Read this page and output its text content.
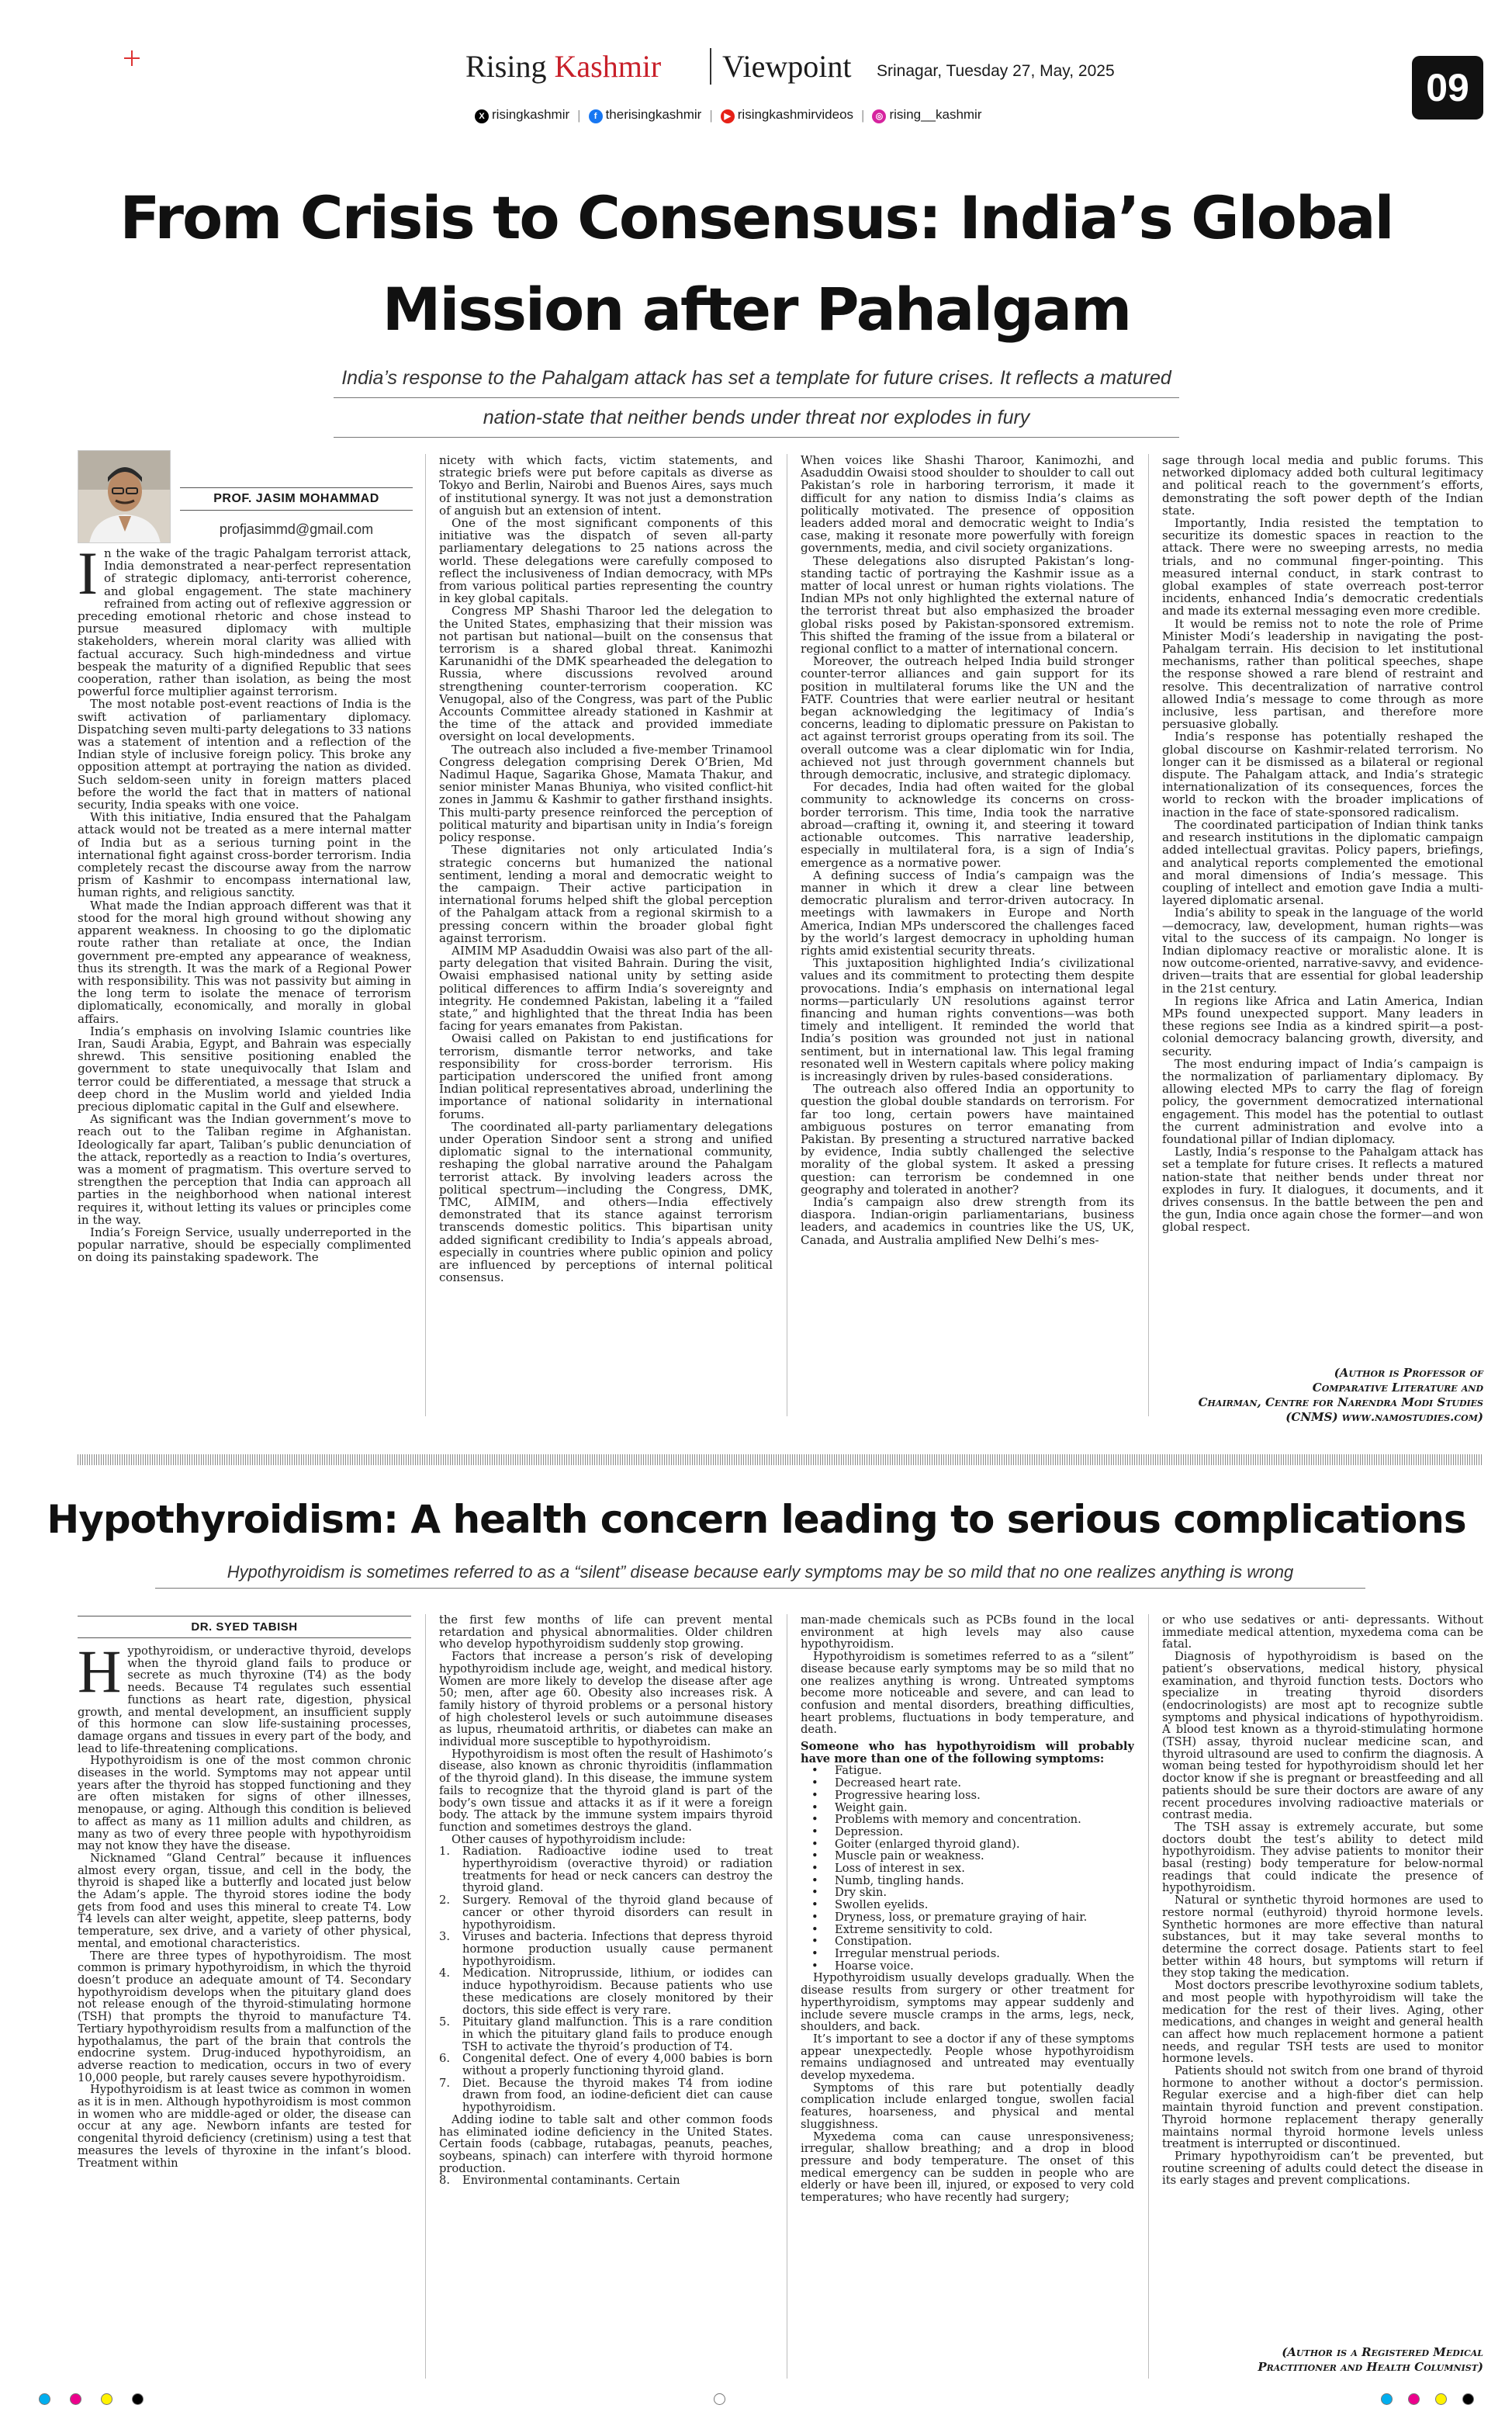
Rising Kashmir	Viewpoint Srinagar, Tuesday 27, May, 2025
X risingkashmir |	f therisingkashmir |	▶ risingkashmirvideos |	◎ rising__kashmir
09
From Crisis to Consensus: India’s Global
Mission after Pahalgam
India’s response to the Pahalgam attack has set a template for future crises. It reflects a matured
nation-state that neither bends under threat nor explodes in fury
PROF. JASIM MOHAMMAD
profjasimmd@gmail.com

In the wake of the tragic Pahalgam terrorist attack, India demonstrated a near-perfect representation of strategic diplomacy, anti-terrorist coherence, and global engagement. The state machinery refrained from acting out of reflexive aggression or preceding emotional rhetoric and chose instead to pursue measured diplomacy with multiple stakeholders, wherein moral clarity was allied with factual accuracy. Such high-mindedness and virtue bespeak the maturity of a dignified Republic that sees cooperation, rather than isolation, as being the most powerful force multiplier against terrorism.

The most notable post-event reactions of India is the swift activation of parliamentary diplomacy. Dispatching seven multi-party delegations to 33 nations was a statement of intention and a reflection of the Indian style of inclusive foreign policy. This broke any opposition attempt at portraying the nation as divided. Such seldom-seen unity in foreign matters placed before the world the fact that in matters of national security, India speaks with one voice.

With this initiative, India ensured that the Pahalgam attack would not be treated as a mere internal matter of India but as a serious turning point in the international fight against cross-border terrorism. India completely recast the discourse away from the narrow prism of Kashmir to encompass international law, human rights, and religious sanctity.

What made the Indian approach different was that it stood for the moral high ground without showing any apparent weakness. In choosing to go the diplomatic route rather than retaliate at once, the Indian government pre-empted any appearance of weakness, thus its strength. It was the mark of a Regional Power with responsibility. This was not passivity but aiming in the long term to isolate the menace of terrorism diplomatically, economically, and morally in global affairs.

India’s emphasis on involving Islamic countries like Iran, Saudi Arabia, Egypt, and Bahrain was especially shrewd. This sensitive positioning enabled the government to state unequivocally that Islam and terror could be differentiated, a message that struck a deep chord in the Muslim world and yielded India precious diplomatic capital in the Gulf and elsewhere.

As significant was the Indian government’s move to reach out to the Taliban regime in Afghanistan. Ideologically far apart, Taliban’s public denunciation of the attack, reportedly as a reaction to India’s overtures, was a moment of pragmatism. This overture served to strengthen the perception that India can approach all parties in the neighborhood when national interest requires it, without letting its values or principles come in the way.

India’s Foreign Service, usually underreported in the popular narrative, should be especially complimented on doing its painstaking spadework. The

nicety with which facts, victim statements, and strategic briefs were put before capitals as diverse as Tokyo and Berlin, Nairobi and Buenos Aires, says much of institutional synergy. It was not just a demonstration of anguish but an extension of intent.

One of the most significant components of this initiative was the dispatch of seven all-party parliamentary delegations to 25 nations across the world. These delegations were carefully composed to reflect the inclusiveness of Indian democracy, with MPs from various political parties representing the country in key global capitals.

Congress MP Shashi Tharoor led the delegation to the United States, emphasizing that their mission was not partisan but national—built on the consensus that terrorism is a shared global threat. Kanimozhi Karunanidhi of the DMK spearheaded the delegation to Russia, where discussions revolved around strengthening counter-terrorism cooperation. KC Venugopal, also of the Congress, was part of the Public Accounts Committee already stationed in Kashmir at the time of the attack and provided immediate oversight on local developments.

The outreach also included a five-member Trinamool Congress delegation comprising Derek O’Brien, Md Nadimul Haque, Sagarika Ghose, Mamata Thakur, and senior minister Manas Bhuniya, who visited conflict-hit zones in Jammu & Kashmir to gather firsthand insights. This multi-party presence reinforced the perception of political maturity and bipartisan unity in India’s foreign policy response.

These dignitaries not only articulated India’s strategic concerns but humanized the national sentiment, lending a moral and democratic weight to the campaign. Their active participation in international forums helped shift the global perception of the Pahalgam attack from a regional skirmish to a pressing concern within the broader global fight against terrorism.

AIMIM MP Asaduddin Owaisi was also part of the all-party delegation that visited Bahrain. During the visit, Owaisi emphasised national unity by setting aside political differences to affirm India’s sovereignty and integrity. He condemned Pakistan, labeling it a “failed state,” and highlighted that the threat India has been facing for years emanates from Pakistan.

Owaisi called on Pakistan to end justifications for terrorism, dismantle terror networks, and take responsibility for cross-border terrorism. His participation underscored the unified front among Indian political representatives abroad, underlining the importance of national solidarity in international forums.

The coordinated all-party parliamentary delegations under Operation Sindoor sent a strong and unified diplomatic signal to the international community, reshaping the global narrative around the Pahalgam terrorist attack. By involving leaders across the political spectrum—including the Congress, DMK, TMC, AIMIM, and others—India effectively demonstrated that its stance against terrorism transcends domestic politics. This bipartisan unity added significant credibility to India’s appeals abroad, especially in countries where public opinion and policy are influenced by perceptions of internal political consensus.

When voices like Shashi Tharoor, Kanimozhi, and Asaduddin Owaisi stood shoulder to shoulder to call out Pakistan’s role in harboring terrorism, it made it difficult for any nation to dismiss India’s claims as politically motivated. The presence of opposition leaders added moral and democratic weight to India’s case, making it resonate more powerfully with foreign governments, media, and civil society organizations.

These delegations also disrupted Pakistan’s long-standing tactic of portraying the Kashmir issue as a matter of local unrest or human rights violations. The Indian MPs not only highlighted the external nature of the terrorist threat but also emphasized the broader global risks posed by Pakistan-sponsored extremism. This shifted the framing of the issue from a bilateral or regional conflict to a matter of international concern.

Moreover, the outreach helped India build stronger counter-terror alliances and gain support for its position in multilateral forums like the UN and the FATF. Countries that were earlier neutral or hesitant began acknowledging the legitimacy of India’s concerns, leading to diplomatic pressure on Pakistan to act against terrorist groups operating from its soil. The overall outcome was a clear diplomatic win for India, achieved not just through government channels but through democratic, inclusive, and strategic diplomacy.

For decades, India had often waited for the global community to acknowledge its concerns on cross-border terrorism. This time, India took the narrative abroad—crafting it, owning it, and steering it toward actionable outcomes. This narrative leadership, especially in multilateral fora, is a sign of India’s emergence as a normative power.

A defining success of India’s campaign was the manner in which it drew a clear line between democratic pluralism and terror-driven autocracy. In meetings with lawmakers in Europe and North America, Indian MPs underscored the challenges faced by the world’s largest democracy in upholding human rights amid existential security threats.

This juxtaposition highlighted India’s civilizational values and its commitment to protecting them despite provocations. India’s emphasis on international legal norms—particularly UN resolutions against terror financing and human rights conventions—was both timely and intelligent. It reminded the world that India’s position was grounded not just in national sentiment, but in international law. This legal framing resonated well in Western capitals where policy making is increasingly driven by rules-based considerations.

The outreach also offered India an opportunity to question the global double standards on terrorism. For far too long, certain powers have maintained ambiguous postures on terror emanating from Pakistan. By presenting a structured narrative backed by evidence, India subtly challenged the selective morality of the global system. It asked a pressing question: can terrorism be condemned in one geography and tolerated in another?

India’s campaign also drew strength from its diaspora. Indian-origin parliamentarians, business leaders, and academics in countries like the US, UK, Canada, and Australia amplified New Delhi’s mes-

sage through local media and public forums. This networked diplomacy added both cultural legitimacy and political reach to the government’s efforts, demonstrating the soft power depth of the Indian state.

Importantly, India resisted the temptation to securitize its domestic spaces in reaction to the attack. There were no sweeping arrests, no media trials, and no communal finger-pointing. This measured internal conduct, in stark contrast to global examples of state overreach post-terror incidents, enhanced India’s democratic credentials and made its external messaging even more credible.

It would be remiss not to note the role of Prime Minister Modi’s leadership in navigating the post-Pahalgam terrain. His decision to let institutional mechanisms, rather than political speeches, shape the response showed a rare blend of restraint and resolve. This decentralization of narrative control allowed India’s message to come through as more inclusive, less partisan, and therefore more persuasive globally.

India’s response has potentially reshaped the global discourse on Kashmir-related terrorism. No longer can it be dismissed as a bilateral or regional dispute. The Pahalgam attack, and India’s strategic internationalization of its consequences, forces the world to reckon with the broader implications of inaction in the face of state-sponsored radicalism.

The coordinated participation of Indian think tanks and research institutions in the diplomatic campaign added intellectual gravitas. Policy papers, briefings, and analytical reports complemented the emotional and moral dimensions of India’s message. This coupling of intellect and emotion gave India a multi-layered diplomatic arsenal.

India’s ability to speak in the language of the world—democracy, law, development, human rights—was vital to the success of its campaign. No longer is Indian diplomacy reactive or moralistic alone. It is now outcome-oriented, narrative-savvy, and evidence-driven—traits that are essential for global leadership in the 21st century.

In regions like Africa and Latin America, Indian MPs found unexpected support. Many leaders in these regions see India as a kindred spirit—a post-colonial democracy balancing growth, diversity, and security.

The most enduring impact of India’s campaign is the normalization of parliamentary diplomacy. By allowing elected MPs to carry the flag of foreign policy, the government democratized international engagement. This model has the potential to outlast the current administration and evolve into a foundational pillar of Indian diplomacy.

Lastly, India’s response to the Pahalgam attack has set a template for future crises. It reflects a matured nation-state that neither bends under threat nor explodes in fury. It dialogues, it documents, and it drives consensus. In the battle between the pen and the gun, India once again chose the former—and won global respect.

(Author is Professor of
Comparative Literature and
Chairman, Centre for Narendra Modi Studies
(CNMS) www.namostudies.com)
Hypothyroidism: A health concern leading to serious complications
Hypothyroidism is sometimes referred to as a “silent” disease because early symptoms may be so mild that no one realizes anything is wrong
DR. SYED TABISH

Hypothyroidism, or underactive thyroid, develops when the thyroid gland fails to produce or secrete as much thyroxine (T4) as the body needs. Because T4 regulates such essential functions as heart rate, digestion, physical growth, and mental development, an insufficient supply of this hormone can slow life-sustaining processes, damage organs and tissues in every part of the body, and lead to life-threatening complications.

Hypothyroidism is one of the most common chronic diseases in the world. Symptoms may not appear until years after the thyroid has stopped functioning and they are often mistaken for signs of other illnesses, menopause, or aging. Although this condition is believed to affect as many as 11 million adults and children, as many as two of every three people with hypothyroidism may not know they have the disease.

Nicknamed “Gland Central” because it influences almost every organ, tissue, and cell in the body, the thyroid is shaped like a butterfly and located just below the Adam’s apple. The thyroid stores iodine the body gets from food and uses this mineral to create T4. Low T4 levels can alter weight, appetite, sleep patterns, body temperature, sex drive, and a variety of other physical, mental, and emotional characteristics.

There are three types of hypothyroidism. The most common is primary hypothyroidism, in which the thyroid doesn’t produce an adequate amount of T4. Secondary hypothyroidism develops when the pituitary gland does not release enough of the thyroid-stimulating hormone (TSH) that prompts the thyroid to manufacture T4. Tertiary hypothyroidism results from a malfunction of the hypothalamus, the part of the brain that controls the endocrine system. Drug-induced hypothyroidism, an adverse reaction to medication, occurs in two of every 10,000 people, but rarely causes severe hypothyroidism.

Hypothyroidism is at least twice as common in women as it is in men. Although hypothyroidism is most common in women who are middle-aged or older, the disease can occur at any age. Newborn infants are tested for congenital thyroid deficiency (cretinism) using a test that measures the levels of thyroxine in the infant’s blood. Treatment within

the first few months of life can prevent mental retardation and physical abnormalities. Older children who develop hypothyroidism suddenly stop growing.

Factors that increase a person’s risk of developing hypothyroidism include age, weight, and medical history. Women are more likely to develop the disease after age 50; men, after age 60. Obesity also increases risk. A family history of thyroid problems or a personal history of high cholesterol levels or such autoimmune diseases as lupus, rheumatoid arthritis, or diabetes can make an individual more susceptible to hypothyroidism.

Hypothyroidism is most often the result of Hashimoto’s disease, also known as chronic thyroiditis (inflammation of the thyroid gland). In this disease, the immune system fails to recognize that the thyroid gland is part of the body’s own tissue and attacks it as if it were a foreign body. The attack by the immune system impairs thyroid function and sometimes destroys the gland.

Other causes of hypothyroidism include:

1. Radiation. Radioactive iodine used to treat hyperthyroidism (overactive thyroid) or radiation treatments for head or neck cancers can destroy the thyroid gland.

2. Surgery. Removal of the thyroid gland because of cancer or other thyroid disorders can result in hypothyroidism.

3. Viruses and bacteria. Infections that depress thyroid hormone production usually cause permanent hypothyroidism.

4. Medication. Nitroprusside, lithium, or iodides can induce hypothyroidism. Because patients who use these medications are closely monitored by their doctors, this side effect is very rare.

5. Pituitary gland malfunction. This is a rare condition in which the pituitary gland fails to produce enough TSH to activate the thyroid’s production of T4.

6. Congenital defect. One of every 4,000 babies is born without a properly functioning thyroid gland.

7. Diet. Because the thyroid makes T4 from iodine drawn from food, an iodine-deficient diet can cause hypothyroidism.

Adding iodine to table salt and other common foods has eliminated iodine deficiency in the United States. Certain foods (cabbage, rutabagas, peanuts, peaches, soybeans, spinach) can interfere with thyroid hormone production.

8. Environmental contaminants. Certain

man-made chemicals such as PCBs found in the local environment at high levels may also cause hypothyroidism.

Hypothyroidism is sometimes referred to as a “silent” disease because early symptoms may be so mild that no one realizes anything is wrong. Untreated symptoms become more noticeable and severe, and can lead to confusion and mental disorders, breathing difficulties, heart problems, fluctuations in body temperature, and death.

Someone who has hypothyroidism will probably have more than one of the following symptoms:

• Fatigue.
• Decreased heart rate.
• Progressive hearing loss.
• Weight gain.
• Problems with memory and concentration.
• Depression.
• Goiter (enlarged thyroid gland).
• Muscle pain or weakness.
• Loss of interest in sex.
• Numb, tingling hands.
• Dry skin.
• Swollen eyelids.
• Dryness, loss, or premature graying of hair.
• Extreme sensitivity to cold.
• Constipation.
• Irregular menstrual periods.
• Hoarse voice.

Hypothyroidism usually develops gradually. When the disease results from surgery or other treatment for hyperthyroidism, symptoms may appear suddenly and include severe muscle cramps in the arms, legs, neck, shoulders, and back.

It’s important to see a doctor if any of these symptoms appear unexpectedly. People whose hypothyroidism remains undiagnosed and untreated may eventually develop myxedema.

Symptoms of this rare but potentially deadly complication include enlarged tongue, swollen facial features, hoarseness, and physical and mental sluggishness.

Myxedema coma can cause unresponsiveness; irregular, shallow breathing; and a drop in blood pressure and body temperature. The onset of this medical emergency can be sudden in people who are elderly or have been ill, injured, or exposed to very cold temperatures; who have recently had surgery;

or who use sedatives or anti- depressants. Without immediate medical attention, myxedema coma can be fatal.

Diagnosis of hypothyroidism is based on the patient’s observations, medical history, physical examination, and thyroid function tests. Doctors who specialize in treating thyroid disorders (endocrinologists) are most apt to recognize subtle symptoms and physical indications of hypothyroidism. A blood test known as a thyroid-stimulating hormone (TSH) assay, thyroid nuclear medicine scan, and thyroid ultrasound are used to confirm the diagnosis. A woman being tested for hypothyroidism should let her doctor know if she is pregnant or breastfeeding and all patients should be sure their doctors are aware of any recent procedures involving radioactive materials or contrast media.

The TSH assay is extremely accurate, but some doctors doubt the test’s ability to detect mild hypothyroidism. They advise patients to monitor their basal (resting) body temperature for below-normal readings that could indicate the presence of hypothyroidism.

Natural or synthetic thyroid hormones are used to restore normal (euthyroid) thyroid hormone levels. Synthetic hormones are more effective than natural substances, but it may take several months to determine the correct dosage. Patients start to feel better within 48 hours, but symptoms will return if they stop taking the medication.

Most doctors prescribe levothyroxine sodium tablets, and most people with hypothyroidism will take the medication for the rest of their lives. Aging, other medications, and changes in weight and general health can affect how much replacement hormone a patient needs, and regular TSH tests are used to monitor hormone levels.

Patients should not switch from one brand of thyroid hormone to another without a doctor’s permission. Regular exercise and a high-fiber diet can help maintain thyroid function and prevent constipation. Thyroid hormone replacement therapy generally maintains normal thyroid hormone levels unless treatment is interrupted or discontinued.

Primary hypothyroidism can’t be prevented, but routine screening of adults could detect the disease in its early stages and prevent complications.

(Author is a Registered Medical
Practitioner and Health Columnist)
